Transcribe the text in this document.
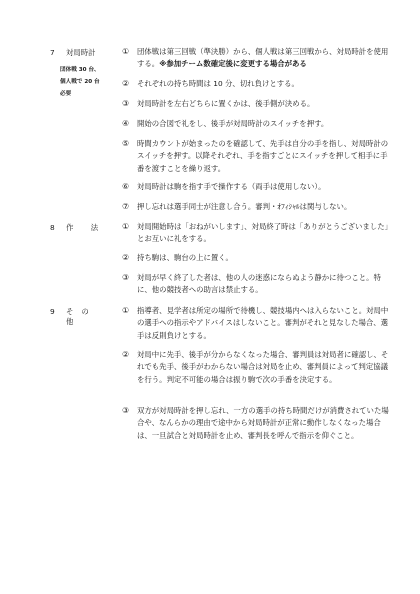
7 対局時計
団体戦 30 台、
個人戦で 20 台
必要
①	団体戦は第三回戦（準決勝）から、個人戦は第三回戦から、対局時計を使用する。※参加チーム数確定後に変更する場合がある
②	それぞれの持ち時間は 10 分、切れ負けとする。
③	対局時計を左右どちらに置くかは、後手側が決める。
④	開始の合図で礼をし、後手が対局時計のスイッチを押す。
⑤	時間カウントが始まったのを確認して、先手は自分の手を指し、対局時計のスイッチを押す。以降それぞれ、手を指すごとにスイッチを押して相手に手番を渡すことを繰り返す。
⑥	対局時計は駒を指す手で操作する（両手は使用しない）。
⑦	押し忘れは選手同士が注意し合う。審判・ｵﾌｨｼｬﾙは関与しない。
8 作　法	①	対局開始時は「おねがいします」、対局終了時は「ありがとうございました」とお互いに礼をする。
②	持ち駒は、駒台の上に置く。
③	対局が早く終了した者は、他の人の迷惑にならぬよう静かに待つこと。特に、他の競技者への助言は禁止する。
9 その他
①	指導者、見学者は所定の場所で待機し、競技場内へは入らないこと。対局中の選手への指示やアドバイスはしないこと。審判がそれと見なした場合、選手は反則負けとする。
②	対局中に先手、後手が分からなくなった場合、審判員は対局者に確認し、それでも先手、後手がわからない場合は対局を止め、審判員によって判定協議を行う。判定不可能の場合は振り駒で次の手番を決定する。
③	双方が対局時計を押し忘れ、一方の選手の持ち時間だけが消費されていた場合や、なんらかの理由で途中から対局時計が正常に動作しなくなった場合は、一旦試合と対局時計を止め、審判長を呼んで指示を仰ぐこと。
